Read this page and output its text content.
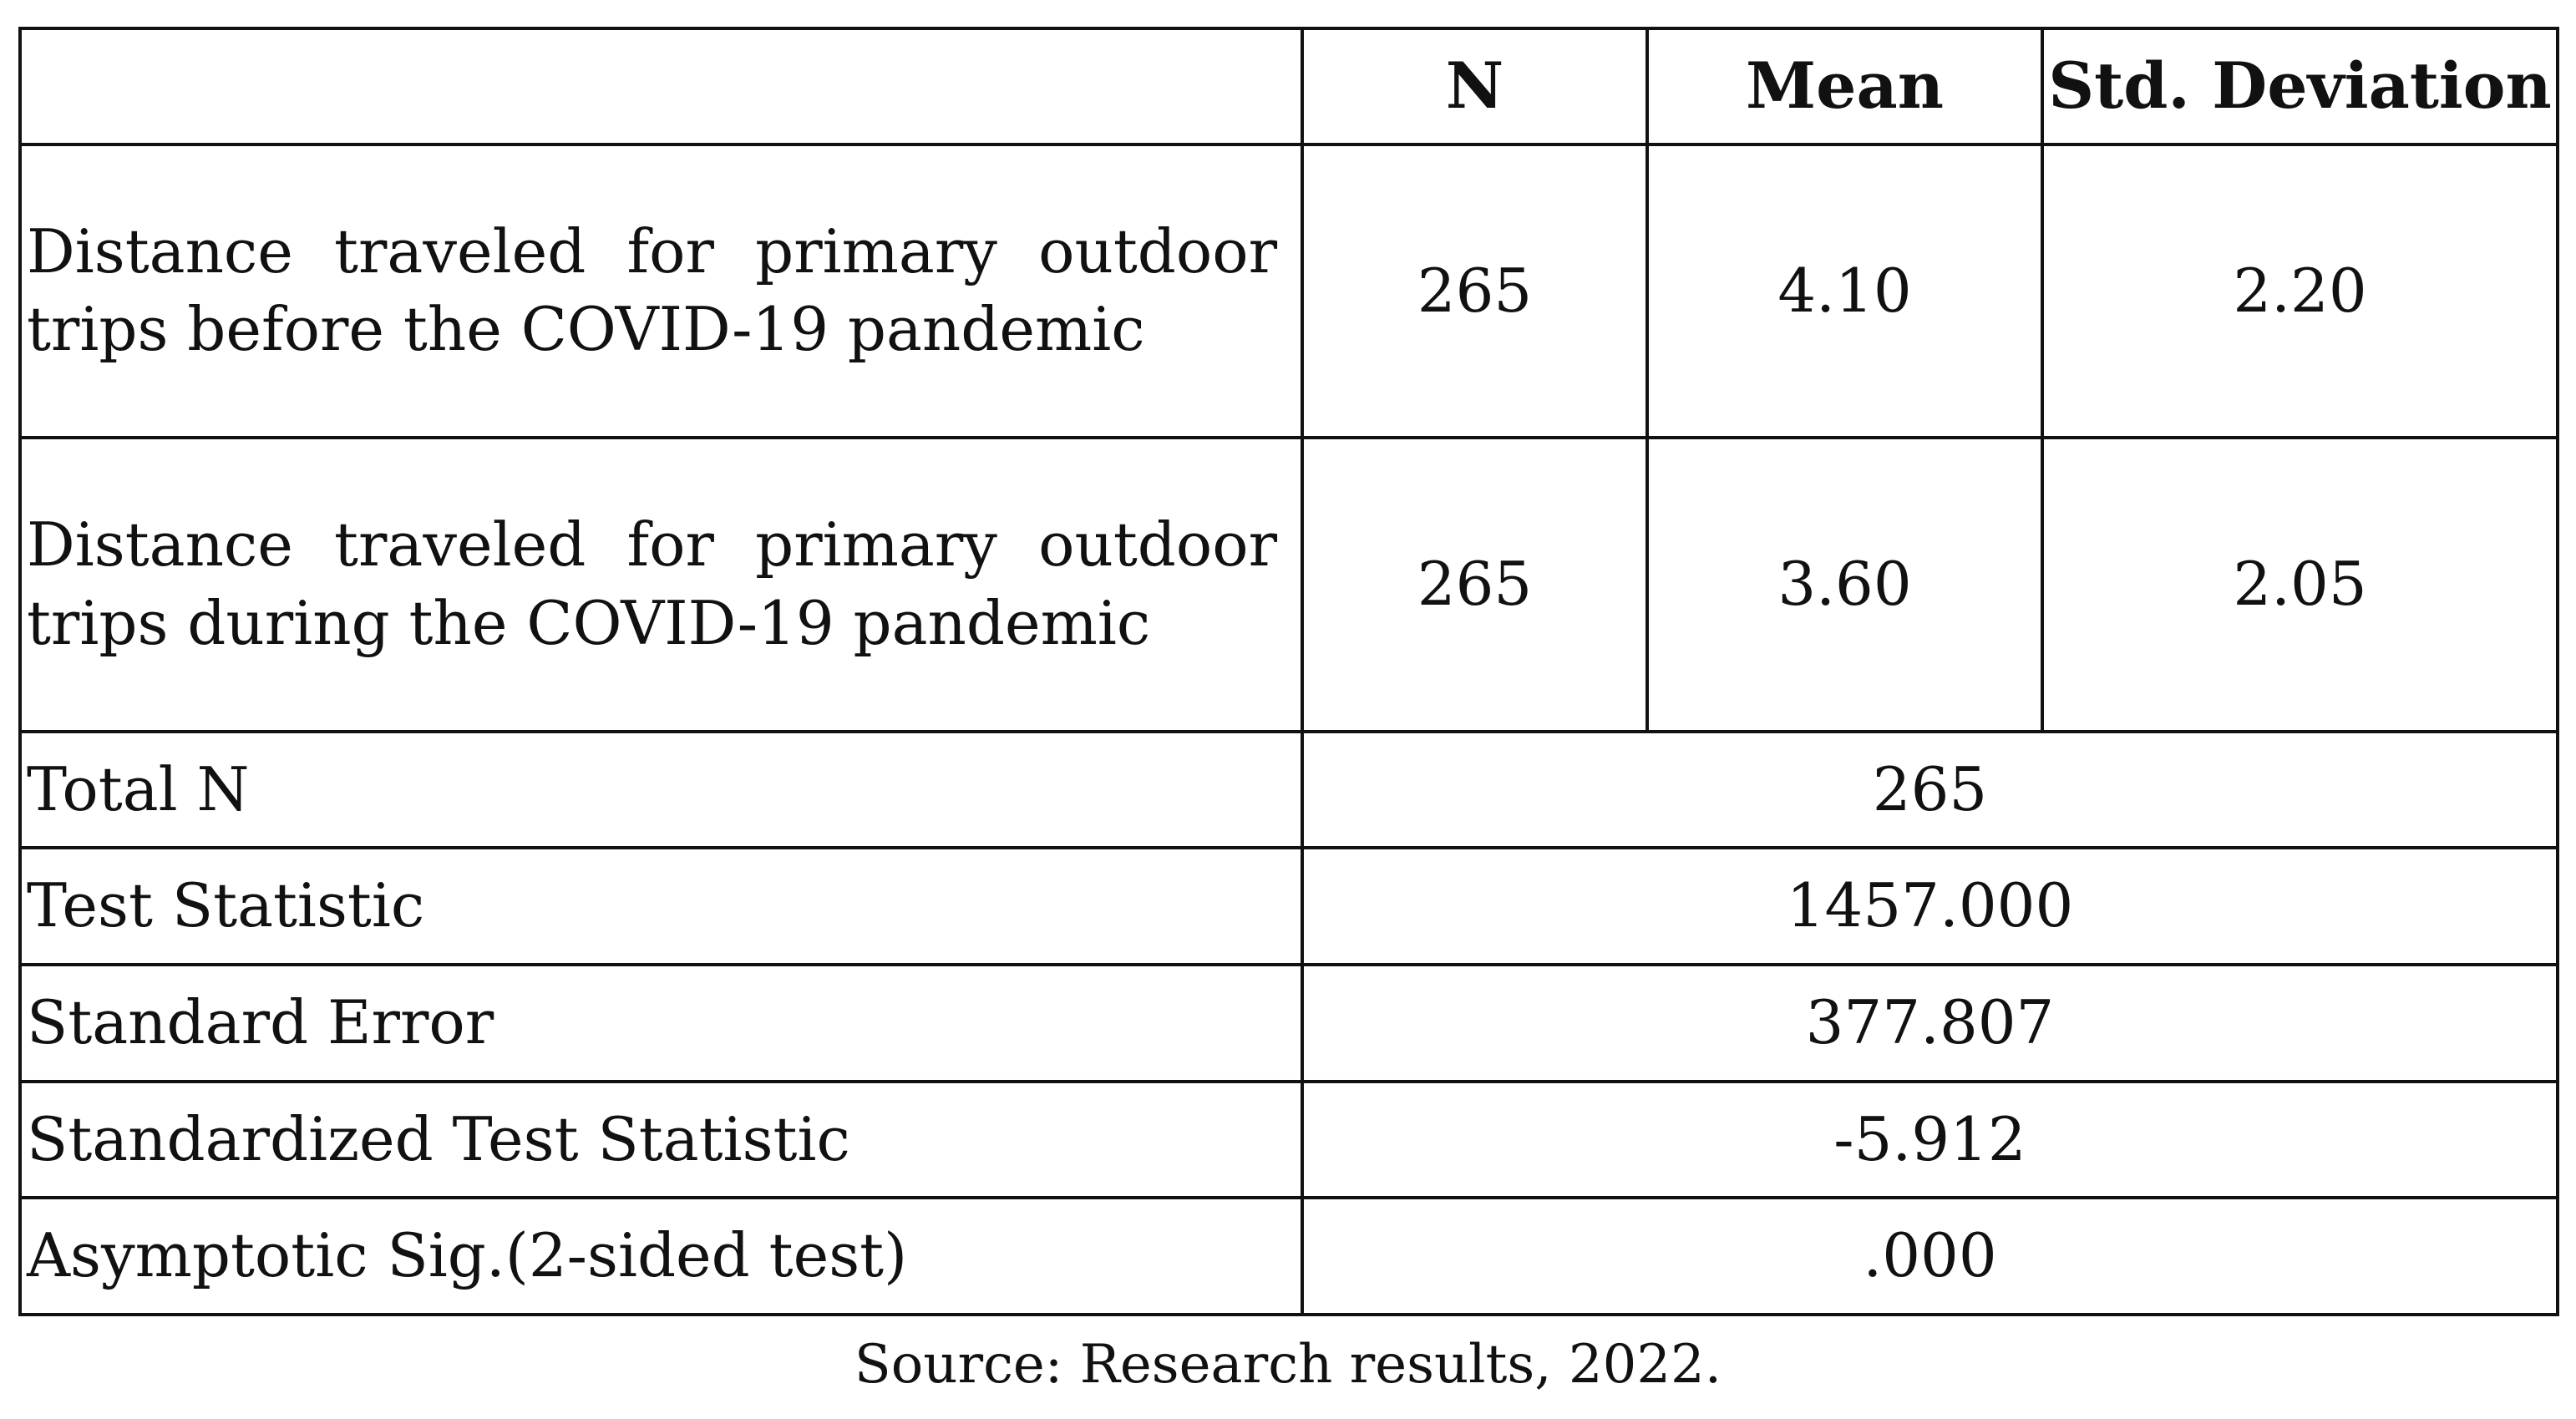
	N	Mean	Std. Deviation
Distance traveled for primary outdoor trips before the COVID-19 pandemic	265	4.10	2.20
Distance traveled for primary outdoor trips during the COVID-19 pandemic	265	3.60	2.05
Total N	265		
Test Statistic	1457.000		
Standard Error	377.807		
Standardized Test Statistic	-5.912		
Asymptotic Sig.(2-sided test)	.000		
Source: Research results, 2022.
